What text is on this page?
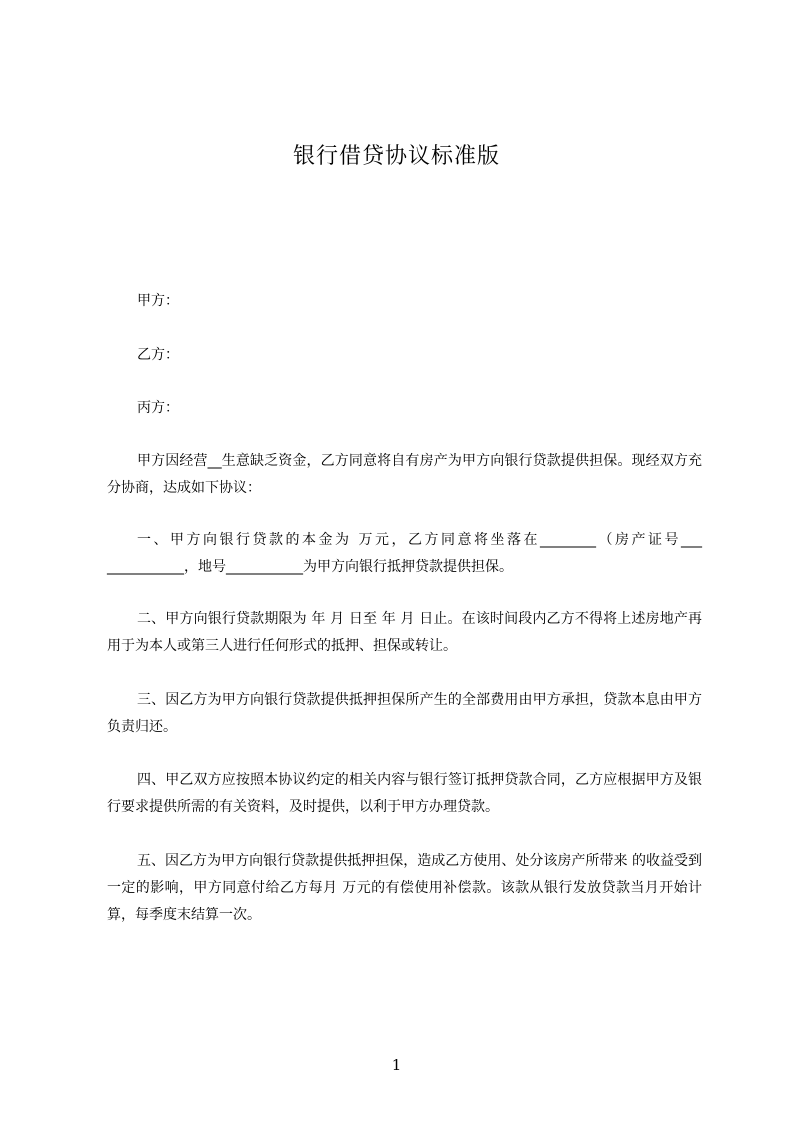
银行借贷协议标准版
甲方：
乙方：
丙方：
甲方因经营__生意缺乏资金，乙方同意将自有房产为甲方向银行贷款提供担保。现经双方充分协商，达成如下协议：
一、甲方向银行贷款的本金为 万元，乙方同意将坐落在________（房产证号___ ___________，地号___________为甲方向银行抵押贷款提供担保。
二、甲方向银行贷款期限为 年 月 日至 年 月 日止。在该时间段内乙方不得将上述房地产再用于为本人或第三人进行任何形式的抵押、担保或转让。
三、因乙方为甲方向银行贷款提供抵押担保所产生的全部费用由甲方承担，贷款本息由甲方负责归还。
四、甲乙双方应按照本协议约定的相关内容与银行签订抵押贷款合同，乙方应根据甲方及银行要求提供所需的有关资料，及时提供，以利于甲方办理贷款。
五、因乙方为甲方向银行贷款提供抵押担保，造成乙方使用、处分该房产所带来 的收益受到一定的影响，甲方同意付给乙方每月 万元的有偿使用补偿款。该款从银行发放贷款当月开始计算，每季度末结算一次。
1
